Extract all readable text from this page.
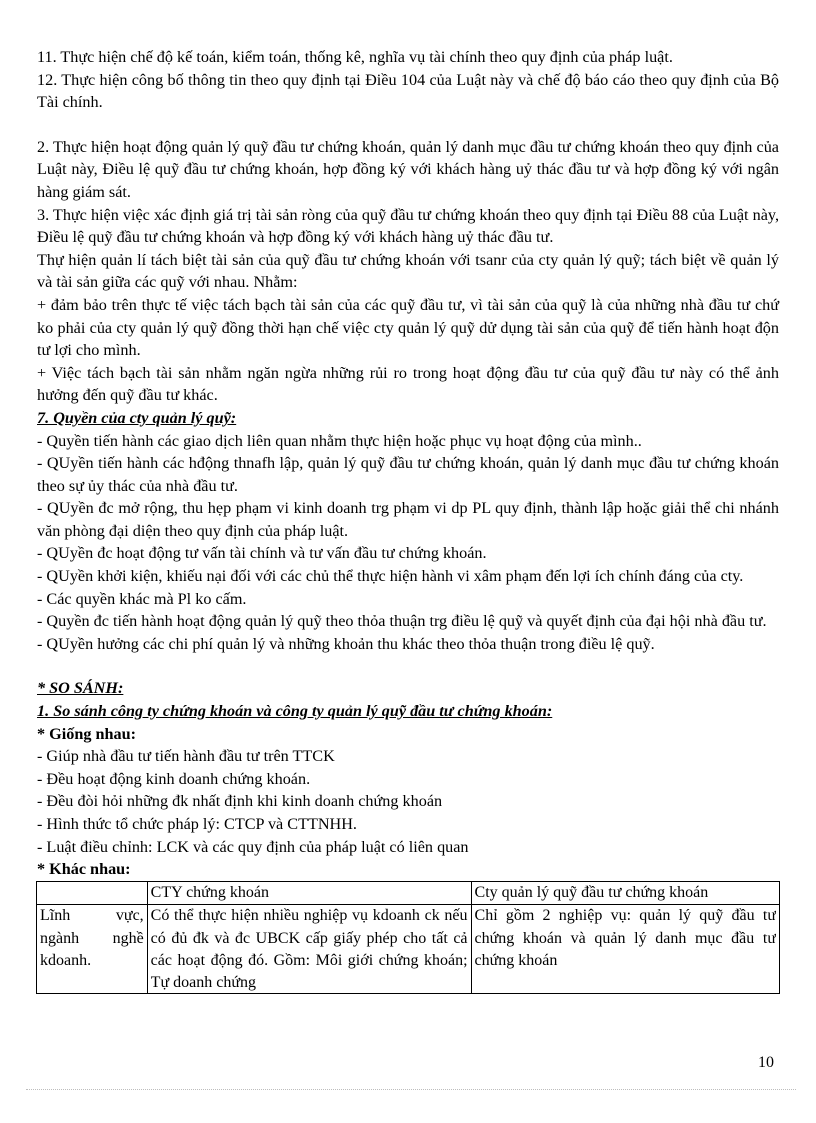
11. Thực hiện chế độ kế toán, kiểm toán, thống kê, nghĩa vụ tài chính theo quy định của pháp luật.

12. Thực hiện công bố thông tin theo quy định tại Điều 104 của Luật này và chế độ báo cáo theo quy định của Bộ Tài chính.

2. Thực hiện hoạt động quản lý quỹ đầu tư chứng khoán, quản lý danh mục đầu tư chứng khoán theo quy định của Luật này, Điều lệ quỹ đầu tư chứng khoán, hợp đồng ký với khách hàng uỷ thác đầu tư và hợp đồng ký với ngân hàng giám sát.

3. Thực hiện việc xác định giá trị tài sản ròng của quỹ đầu tư chứng khoán theo quy định tại Điều 88 của Luật này, Điều lệ quỹ đầu tư chứng khoán và hợp đồng ký với khách hàng uỷ thác đầu tư.

Thự hiện quản lí tách biệt tài sản của quỹ đầu tư chứng khoán với tsanr của cty quản lý quỹ; tách biệt về quản lý và tài sản giữa các quỹ với nhau. Nhằm:

+ đảm bảo trên thực tế việc tách bạch tài sản của các quỹ đầu tư, vì tài sản của quỹ là của những nhà đầu tư chứ ko phải của cty quản lý quỹ đồng thời hạn chế việc cty quản lý quỹ dử dụng tài sản của quỹ để tiến hành hoạt độn tư lợi cho mình.

+ Việc tách bạch tài sản nhằm ngăn ngừa những rủi ro trong hoạt động đầu tư của quỹ đầu tư này có thể ảnh hưởng đến quỹ đầu tư khác.

7. Quyền của cty quản lý quỹ:

- Quyền tiến hành các giao dịch liên quan nhằm thực hiện hoặc phục vụ hoạt động của mình..

- QUyền tiến hành các hđộng thnafh lập, quản lý quỹ đầu tư chứng khoán, quản lý danh mục đầu tư chứng khoán theo sự ủy thác của nhà đầu tư.

- QUyền đc mở rộng, thu hẹp phạm vi kinh doanh trg phạm vi dp PL quy định, thành lập hoặc giải thể chi nhánh văn phòng đại diện theo quy định của pháp luật.

- QUyền đc hoạt động tư vấn tài chính và tư vấn đầu tư chứng khoán.

- QUyền khởi kiện, khiếu nại đối với các chủ thể thực hiện hành vi xâm phạm đến lợi ích chính đáng của cty.

- Các quyền khác mà Pl ko cấm.

- Quyền đc tiến hành hoạt động quản lý quỹ theo thỏa thuận trg điều lệ quỹ và quyết định của đại hội nhà đầu tư.

- QUyền hưởng các chi phí quản lý và những khoản thu khác theo thỏa thuận trong điều lệ quỹ.

* SO SÁNH:

1. So sánh công ty chứng khoán và công ty quản lý quỹ đầu tư chứng khoán:

* Giống nhau:

- Giúp nhà đầu tư tiến hành đầu tư trên TTCK

- Đều hoạt động kinh doanh chứng khoán.

- Đều đòi hỏi những đk nhất định khi kinh doanh chứng khoán

- Hình thức tổ chức pháp lý: CTCP và CTTNHH.

- Luật điều chỉnh: LCK và các quy định của pháp luật có liên quan

* Khác nhau:

	CTY chứng khoán	Cty quản lý quỹ đầu tư chứng khoán

Lĩnh vực, ngành nghề kdoanh.	Có thể thực hiện nhiều nghiệp vụ kdoanh ck nếu có đủ đk và đc UBCK cấp giấy phép cho tất cả các hoạt động đó. Gồm: Môi giới chứng khoán; Tự doanh chứng	Chỉ gồm 2 nghiệp vụ: quản lý quỹ đầu tư chứng khoán và quản lý danh mục đầu tư chứng khoán
10
